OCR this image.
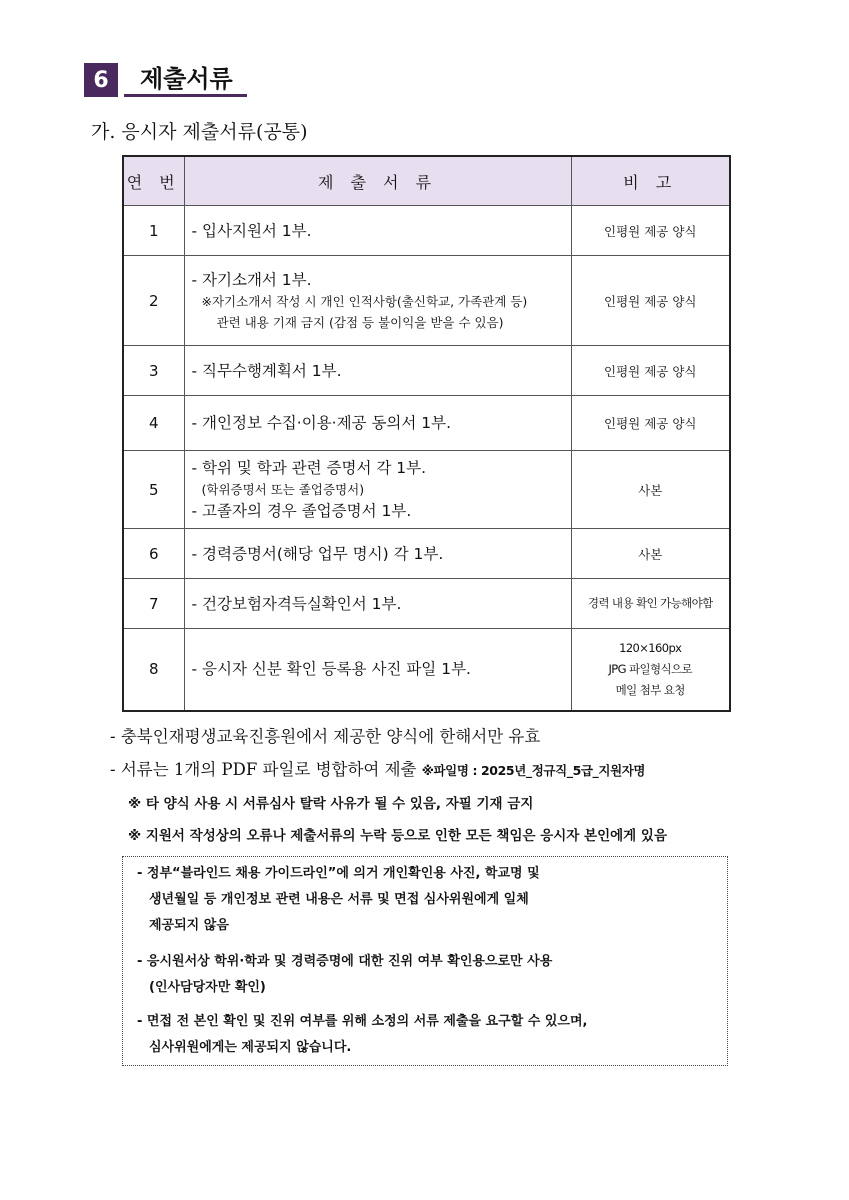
6	제출서류
가. 응시자 제출서류(공통)
연 번	제 출 서 류	비 고
1	- 입사지원서 1부.	인평원 제공 양식

2	- 자기소개서 1부.
※자기소개서 작성 시 개인 인적사항(출신학교, 가족관계 등)
관련 내용 기재 금지 (감점 등 불이익을 받을 수 있음)	인평원 제공 양식

3	- 직무수행계획서 1부.	인평원 제공 양식

4	- 개인정보 수집·이용·제공 동의서 1부.	인평원 제공 양식

5	- 학위 및 학과 관련 증명서 각 1부.
(학위증명서 또는 졸업증명서)
- 고졸자의 경우 졸업증명서 1부.	사본

6	- 경력증명서(해당 업무 명시) 각 1부.	사본

7	- 건강보험자격득실확인서 1부.	경력 내용 확인 가능해야함

8	- 응시자 신분 확인 등록용 사진 파일 1부.	120×160px
JPG 파일형식으로
메일 첨부 요청
- 충북인재평생교육진흥원에서 제공한 양식에 한해서만 유효
- 서류는 1개의 PDF 파일로 병합하여 제출 ※파일명 : 2025년_정규직_5급_지원자명
※ 타 양식 사용 시 서류심사 탈락 사유가 될 수 있음, 자필 기재 금지
※ 지원서 작성상의 오류나 제출서류의 누락 등으로 인한 모든 책임은 응시자 본인에게 있음
- 정부“블라인드 채용 가이드라인”에 의거 개인확인용 사진, 학교명 및
생년월일 등 개인정보 관련 내용은 서류 및 면접 심사위원에게 일체
제공되지 않음
- 응시원서상 학위·학과 및 경력증명에 대한 진위 여부 확인용으로만 사용
(인사담당자만 확인)
- 면접 전 본인 확인 및 진위 여부를 위해 소정의 서류 제출을 요구할 수 있으며,
심사위원에게는 제공되지 않습니다.
